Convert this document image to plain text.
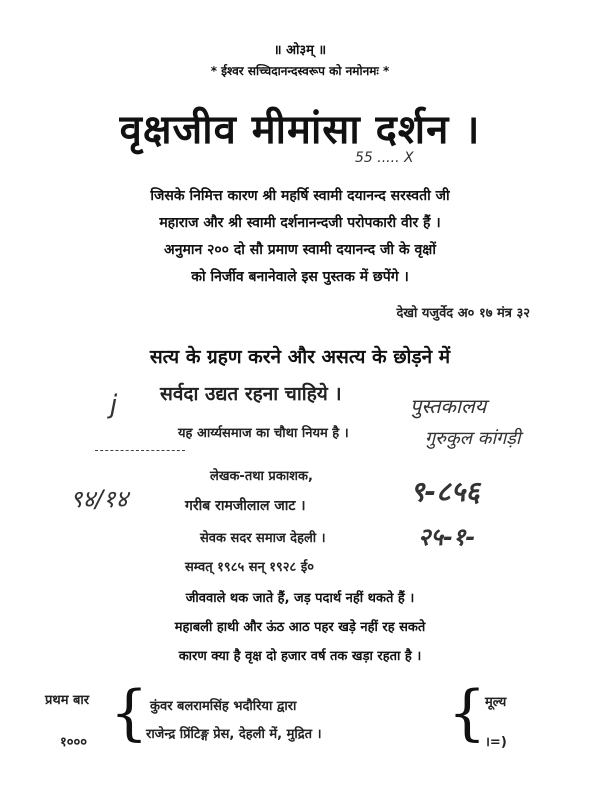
॥ ओ३म् ॥
* ईश्वर सच्चिदानन्दस्वरूप को नमोनमः *
वृक्षजीव मीमांसा दर्शन ।
55 ..... X
जिसके निमित्त कारण श्री महर्षि स्वामी दयानन्द सरस्वती जी
महाराज और श्री स्वामी दर्शनानन्दजी परोपकारी वीर हैं ।
अनुमान २०० दो सौ प्रमाण स्वामी दयानन्द जी के वृक्षों
को निर्जीव बनानेवाले इस पुस्तक में छपेंगे ।
देखो यजुर्वेद अ० १७ मंत्र ३२
सत्य के ग्रहण करने और असत्य के छोड़ने में
सर्वदा उद्यत रहना चाहिये ।
यह आर्य्यसमाज का चौथा नियम है ।
पुस्तकालय
गुरुकुल कांगड़ी
९-८५६
२५-१-
j
९४/१४
लेखक-तथा प्रकाशक,
गरीब रामजीलाल जाट ।
सेवक सदर समाज देहली ।
सम्वत् १९८५ सन् १९२८ ई०
जीववाले थक जाते हैं, जड़ पदार्थ नहीं थकते हैं ।
महाबली हाथी और ऊंठ आठ पहर खड़े नहीं रह सकते
कारण क्या है वृक्ष दो हजार वर्ष तक खड़ा रहता है ।
प्रथम बार
१००० { कुंवर बलरामसिंह भदौरिया द्वारा
राजेन्द्र प्रिंटिङ्ग प्रेस, देहली में, मुद्रित । {
मूल्य
।=)
